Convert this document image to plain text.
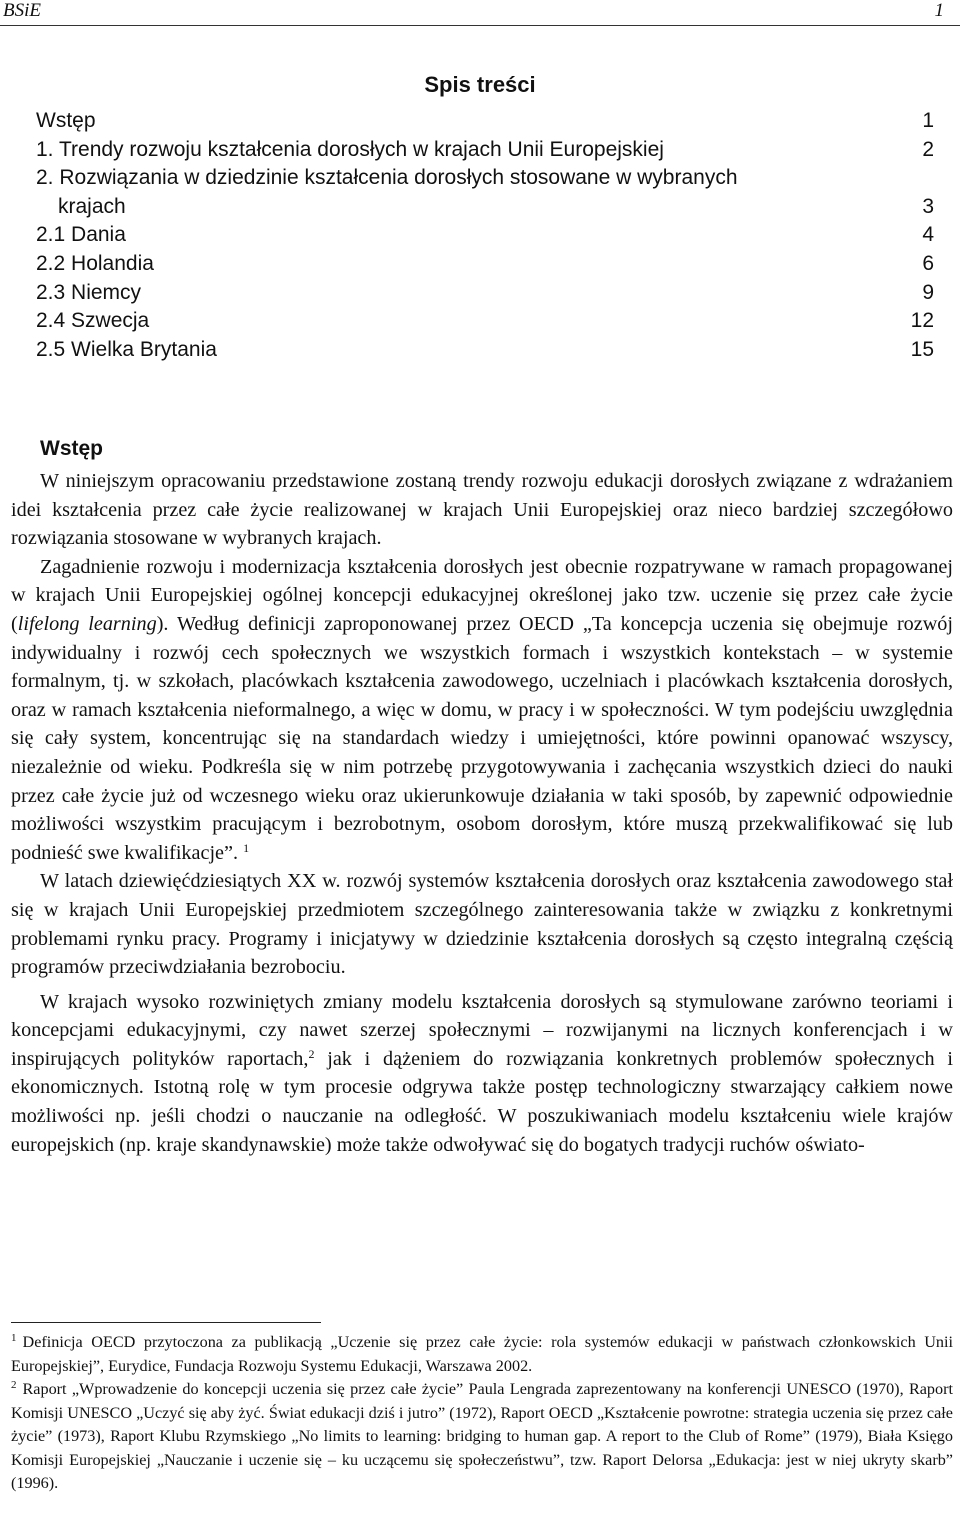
BSiE	1
Spis treści
Wstęp	1
1. Trendy rozwoju kształcenia dorosłych w krajach Unii Europejskiej	2
2. Rozwiązania w dziedzinie kształcenia dorosłych stosowane w wybranych
krajach	3
2.1 Dania	4
2.2 Holandia	6
2.3 Niemcy	9
2.4 Szwecja	12
2.5 Wielka Brytania	15
Wstęp

W niniejszym opracowaniu przedstawione zostaną trendy rozwoju edukacji dorosłych związane z wdrażaniem idei kształcenia przez całe życie realizowanej w krajach Unii Europejskiej oraz nieco bardziej szczegółowo rozwiązania stosowane w wybranych krajach.

Zagadnienie rozwoju i modernizacja kształcenia dorosłych jest obecnie rozpatrywane w ramach propagowanej w krajach Unii Europejskiej ogólnej koncepcji edukacyjnej określonej jako tzw. uczenie się przez całe życie (lifelong learning). Według definicji zaproponowanej przez OECD „Ta koncepcja uczenia się obejmuje rozwój indywidualny i rozwój cech społecznych we wszystkich formach i wszystkich kontekstach – w systemie formalnym, tj. w szkołach, placówkach kształcenia zawodowego, uczelniach i placówkach kształcenia dorosłych, oraz w ramach kształcenia nieformalnego, a więc w domu, w pracy i w społeczności. W tym podejściu uwzględnia się cały system, koncentrując się na standardach wiedzy i umiejętności, które powinni opanować wszyscy, niezależnie od wieku. Podkreśla się w nim potrzebę przygotowywania i zachęcania wszystkich dzieci do nauki przez całe życie już od wczesnego wieku oraz ukierunkowuje działania w taki sposób, by zapewnić odpowiednie możliwości wszystkim pracującym i bezrobotnym, osobom dorosłym, które muszą przekwalifikować się lub podnieść swe kwalifikacje”. $^1$

W latach dziewięćdziesiątych XX w. rozwój systemów kształcenia dorosłych oraz kształcenia zawodowego stał się w krajach Unii Europejskiej przedmiotem szczególnego zainteresowania także w związku z konkretnymi problemami rynku pracy. Programy i inicjatywy w dziedzinie kształcenia dorosłych są często integralną częścią programów przeciwdziałania bezrobociu.

W krajach wysoko rozwiniętych zmiany modelu kształcenia dorosłych są stymulowane zarówno teoriami i koncepcjami edukacyjnymi, czy nawet szerzej społecznymi – rozwijanymi na licznych konferencjach i w inspirujących polityków raportach,$^2$ jak i dążeniem do rozwiązania konkretnych problemów społecznych i ekonomicznych. Istotną rolę w tym procesie odgrywa także postęp technologiczny stwarzający całkiem nowe możliwości np. jeśli chodzi o nauczanie na odległość. W poszukiwaniach modelu kształceniu wiele krajów europejskich (np. kraje skandynawskie) może także odwoływać się do bogatych tradycji ruchów oświato-

$^1$ Definicja OECD przytoczona za publikacją „Uczenie się przez całe życie: rola systemów edukacji w państwach członkowskich Unii Europejskiej”, Eurydice, Fundacja Rozwoju Systemu Edukacji, Warszawa 2002.

$^2$ Raport „Wprowadzenie do koncepcji uczenia się przez całe życie” Paula Lengrada zaprezentowany na konferencji UNESCO (1970), Raport Komisji UNESCO „Uczyć się aby żyć. Świat edukacji dziś i jutro” (1972), Raport OECD „Kształcenie powrotne: strategia uczenia się przez całe życie” (1973), Raport Klubu Rzymskiego „No limits to learning: bridging to human gap. A report to the Club of Rome” (1979), Biała Księgo Komisji Europejskiej „Nauczanie i uczenie się – ku uczącemu się społeczeństwu”, tzw. Raport Delorsa „Edukacja: jest w niej ukryty skarb” (1996).
